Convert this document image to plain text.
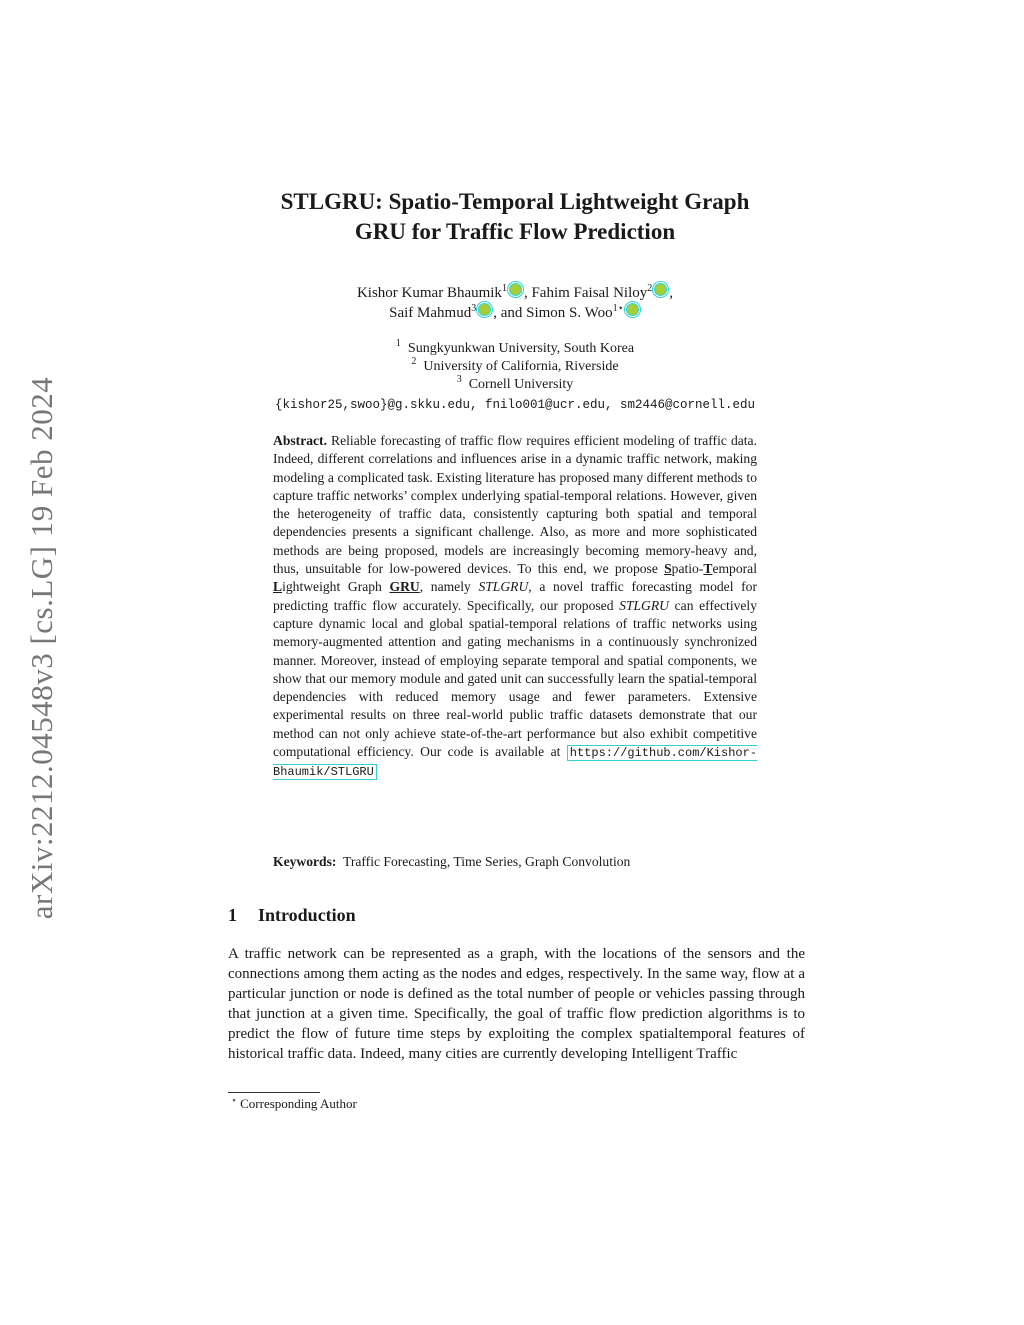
arXiv:2212.04548v3 [cs.LG] 19 Feb 2024
STLGRU: Spatio-Temporal Lightweight Graph
GRU for Traffic Flow Prediction
Kishor Kumar Bhaumik$^1$ , Fahim Faisal Niloy$^2$ ,
Saif Mahmud$^3$ , and Simon S. Woo$^{1⋆}$
$^1$ Sungkyunkwan University, South Korea
$^2$ University of California, Riverside
$^3$ Cornell University
{kishor25,swoo}@g.skku.edu, fnilo001@ucr.edu, sm2446@cornell.edu
Abstract. Reliable forecasting of traffic flow requires efficient modeling of traffic data. Indeed, different correlations and influences arise in a dynamic traffic network, making modeling a complicated task. Existing literature has proposed many different methods to capture traffic networks’ complex underlying spatial-temporal relations. However, given the heterogeneity of traffic data, consistently capturing both spatial and temporal dependencies presents a significant challenge. Also, as more and more sophisticated methods are being proposed, models are increasingly becoming memory-heavy and, thus, unsuitable for low-powered devices. To this end, we propose Spatio-Temporal Lightweight Graph GRU, namely STLGRU, a novel traffic forecasting model for predicting traffic flow accurately. Specifically, our proposed STLGRU can effectively capture dynamic local and global spatial-temporal relations of traffic networks using memory-augmented attention and gating mechanisms in a continuously synchronized manner. Moreover, instead of employing separate temporal and spatial components, we show that our memory module and gated unit can successfully learn the spatial-temporal dependencies with reduced memory usage and fewer parameters. Extensive experimental results on three real-world public traffic datasets demonstrate that our method can not only achieve state-of-the-art performance but also exhibit competitive computational efficiency. Our code is available at https://github.com/Kishor-Bhaumik/STLGRU
Keywords: Traffic Forecasting, Time Series, Graph Convolution
1 Introduction
A traffic network can be represented as a graph, with the locations of the sensors and the connections among them acting as the nodes and edges, respectively. In the same way, flow at a particular junction or node is defined as the total number of people or vehicles passing through that junction at a given time. Specifically, the goal of traffic flow prediction algorithms is to predict the flow of future time steps by exploiting the complex spatialtemporal features of historical traffic data. Indeed, many cities are currently developing Intelligent Traffic
⋆ Corresponding Author
